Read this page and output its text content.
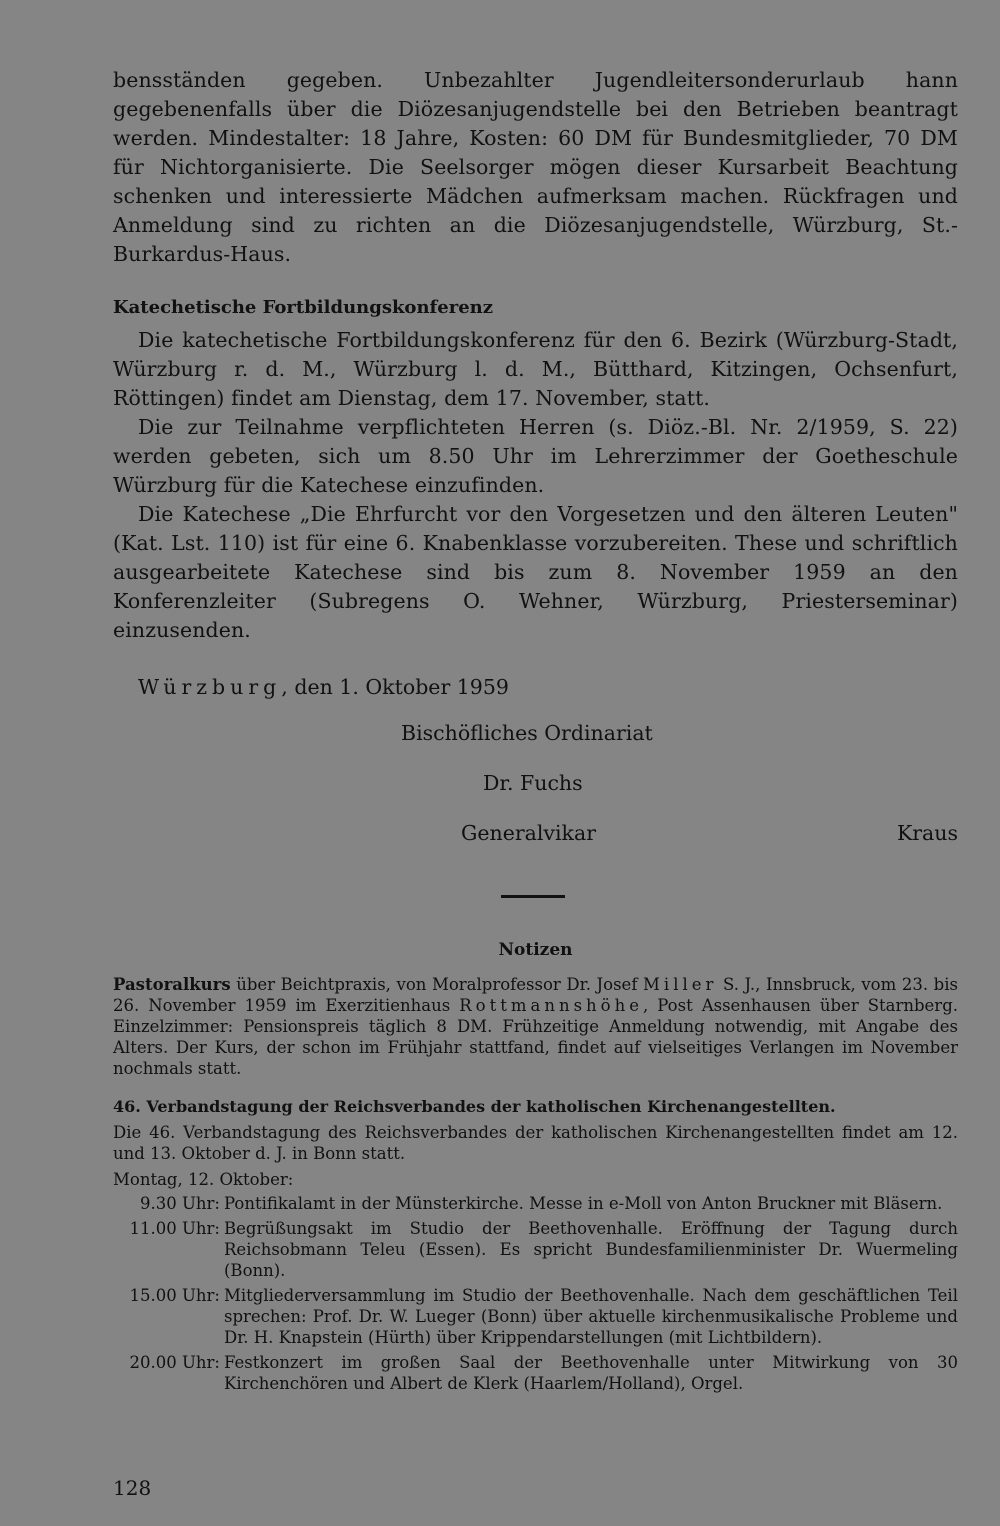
bensständen gegeben. Unbezahlter Jugendleitersonderurlaub hann gegebenenfalls über die Diözesanjugendstelle bei den Betrieben beantragt werden. Mindestalter: 18 Jahre, Kosten: 60 DM für Bundesmitglieder, 70 DM für Nichtorganisierte. Die Seelsorger mögen dieser Kursarbeit Beachtung schenken und interessierte Mädchen aufmerksam machen. Rückfragen und Anmeldung sind zu richten an die Diözesanjugendstelle, Würzburg, St.-Burkardus-Haus.

Katechetische Fortbildungskonferenz

Die katechetische Fortbildungskonferenz für den 6. Bezirk (Würzburg-Stadt, Würzburg r. d. M., Würzburg l. d. M., Bütthard, Kitzingen, Ochsenfurt, Röttingen) findet am Dienstag, dem 17. November, statt.

Die zur Teilnahme verpflichteten Herren (s. Diöz.-Bl. Nr. 2/1959, S. 22) werden gebeten, sich um 8.50 Uhr im Lehrerzimmer der Goetheschule Würzburg für die Katechese einzufinden.

Die Katechese „Die Ehrfurcht vor den Vorgesetzen und den älteren Leuten" (Kat. Lst. 110) ist für eine 6. Knabenklasse vorzubereiten. These und schriftlich ausgearbeitete Katechese sind bis zum 8. November 1959 an den Konferenzleiter (Subregens O. Wehner, Würzburg, Priesterseminar) einzusenden.

Würzburg, den 1. Oktober 1959

Bischöfliches Ordinariat
Dr. Fuchs
Generalvikar	Kraus

Notizen

Pastoralkurs über Beichtpraxis, von Moralprofessor Dr. Josef Miller S. J., Innsbruck, vom 23. bis 26. November 1959 im Exerzitienhaus Rottmannshöhe, Post Assenhausen über Starnberg. Einzelzimmer: Pensionspreis täglich 8 DM. Frühzeitige Anmeldung notwendig, mit Angabe des Alters. Der Kurs, der schon im Frühjahr stattfand, findet auf vielseitiges Verlangen im November nochmals statt.

46. Verbandstagung der Reichsverbandes der katholischen Kirchenangestellten.

Die 46. Verbandstagung des Reichsverbandes der katholischen Kirchenangestellten findet am 12. und 13. Oktober d. J. in Bonn statt.

Montag, 12. Oktober:

9.30 Uhr: Pontifikalamt in der Münsterkirche. Messe in e-Moll von Anton Bruckner mit Bläsern.
11.00 Uhr: Begrüßungsakt im Studio der Beethovenhalle. Eröffnung der Tagung durch Reichsobmann Teleu (Essen). Es spricht Bundesfamilienminister Dr. Wuermeling (Bonn).
15.00 Uhr: Mitgliederversammlung im Studio der Beethovenhalle. Nach dem geschäftlichen Teil sprechen: Prof. Dr. W. Lueger (Bonn) über aktuelle kirchenmusikalische Probleme und Dr. H. Knapstein (Hürth) über Krippendarstellungen (mit Lichtbildern).
20.00 Uhr: Festkonzert im großen Saal der Beethovenhalle unter Mitwirkung von 30 Kirchenchören und Albert de Klerk (Haarlem/Holland), Orgel.
128
